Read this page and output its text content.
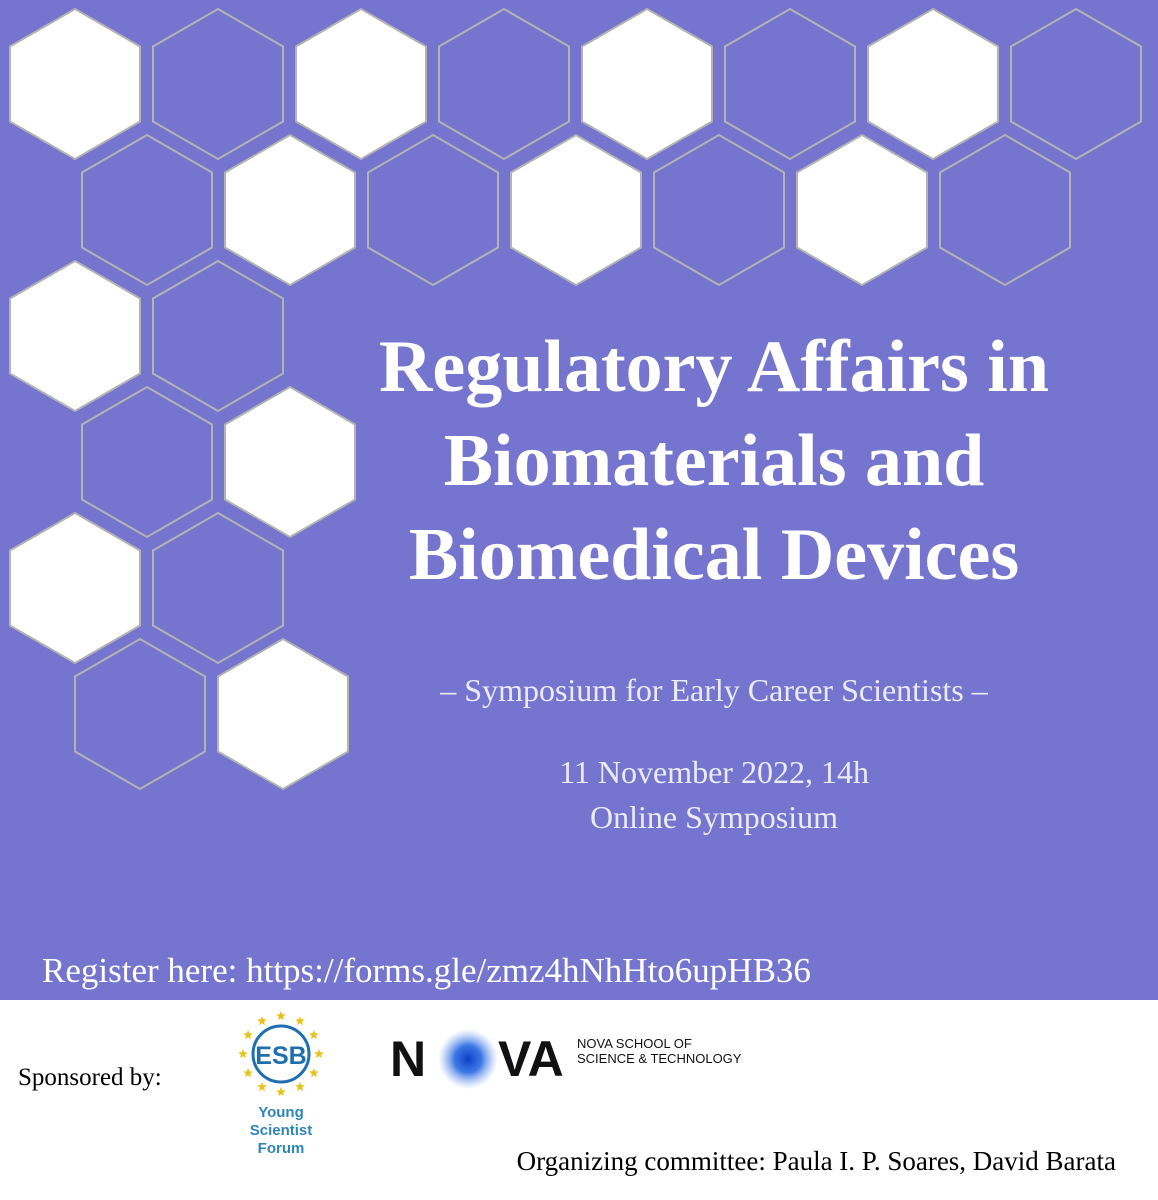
Regulatory Affairs in
Biomaterials and
Biomedical Devices
– Symposium for Early Career Scientists –
11 November 2022, 14h
Online Symposium
Register here: https://forms.gle/zmz4hNhHto6upHB36
Sponsored by:
ESB
Young
Scientist
Forum
N VA NOVA SCHOOL OF
SCIENCE & TECHNOLOGY
Organizing committee: Paula I. P. Soares, David Barata
